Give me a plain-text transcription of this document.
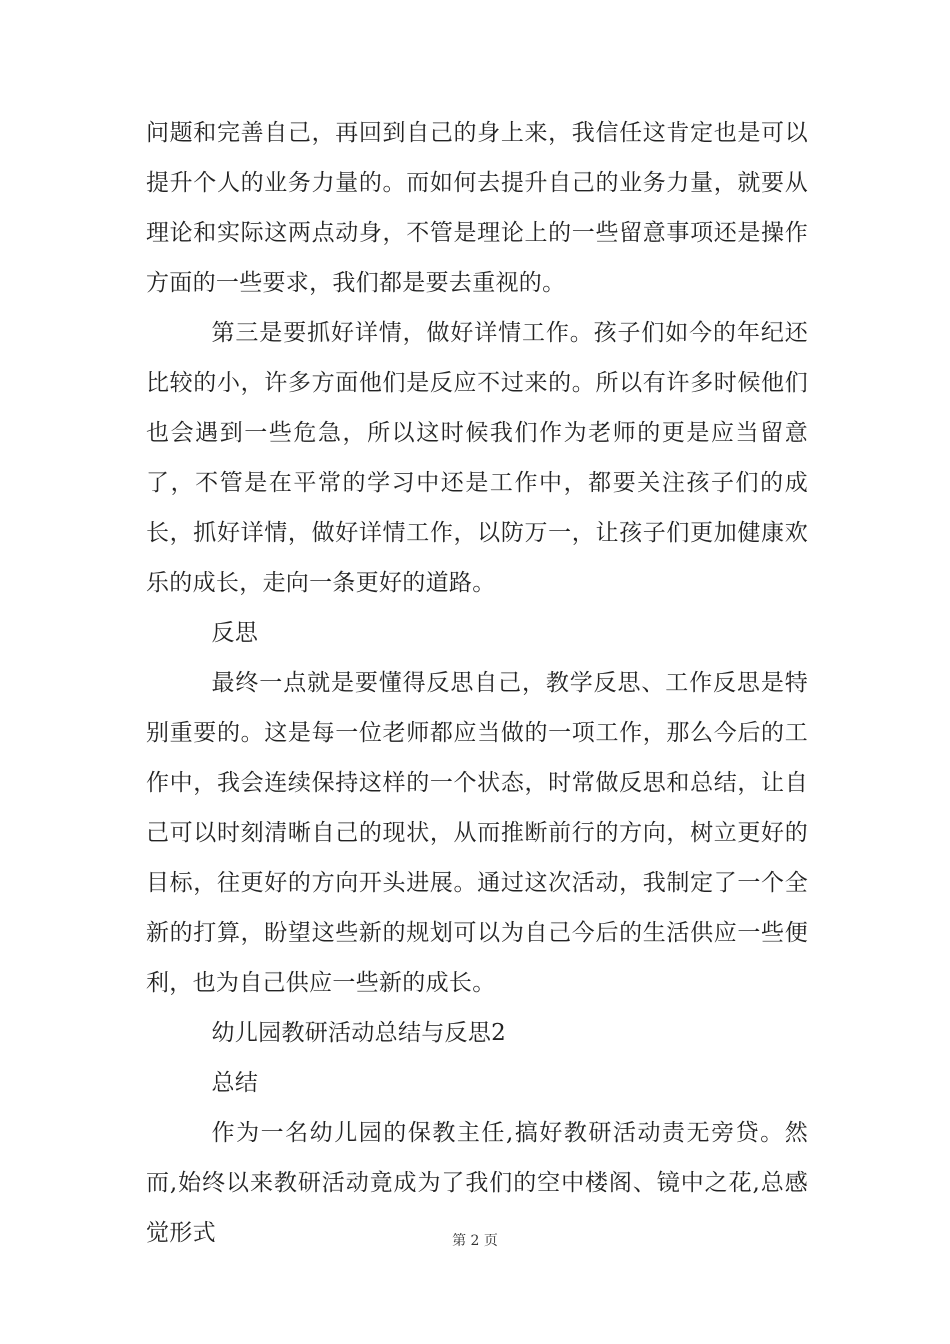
问题和完善自己，再回到自己的身上来，我信任这肯定也是可以提升个人的业务力量的。而如何去提升自己的业务力量，就要从理论和实际这两点动身，不管是理论上的一些留意事项还是操作方面的一些要求，我们都是要去重视的。

第三是要抓好详情，做好详情工作。孩子们如今的年纪还比较的小，许多方面他们是反应不过来的。所以有许多时候他们也会遇到一些危急，所以这时候我们作为老师的更是应当留意了，不管是在平常的学习中还是工作中，都要关注孩子们的成长，抓好详情，做好详情工作，以防万一，让孩子们更加健康欢乐的成长，走向一条更好的道路。

反思

最终一点就是要懂得反思自己，教学反思、工作反思是特别重要的。这是每一位老师都应当做的一项工作，那么今后的工作中，我会连续保持这样的一个状态，时常做反思和总结，让自己可以时刻清晰自己的现状，从而推断前行的方向，树立更好的目标，往更好的方向开头进展。通过这次活动，我制定了一个全新的打算，盼望这些新的规划可以为自己今后的生活供应一些便利，也为自己供应一些新的成长。

幼儿园教研活动总结与反思2

总结

作为一名幼儿园的保教主任,搞好教研活动责无旁贷。然而,始终以来教研活动竟成为了我们的空中楼阁、镜中之花,总感觉形式	第 2 页
